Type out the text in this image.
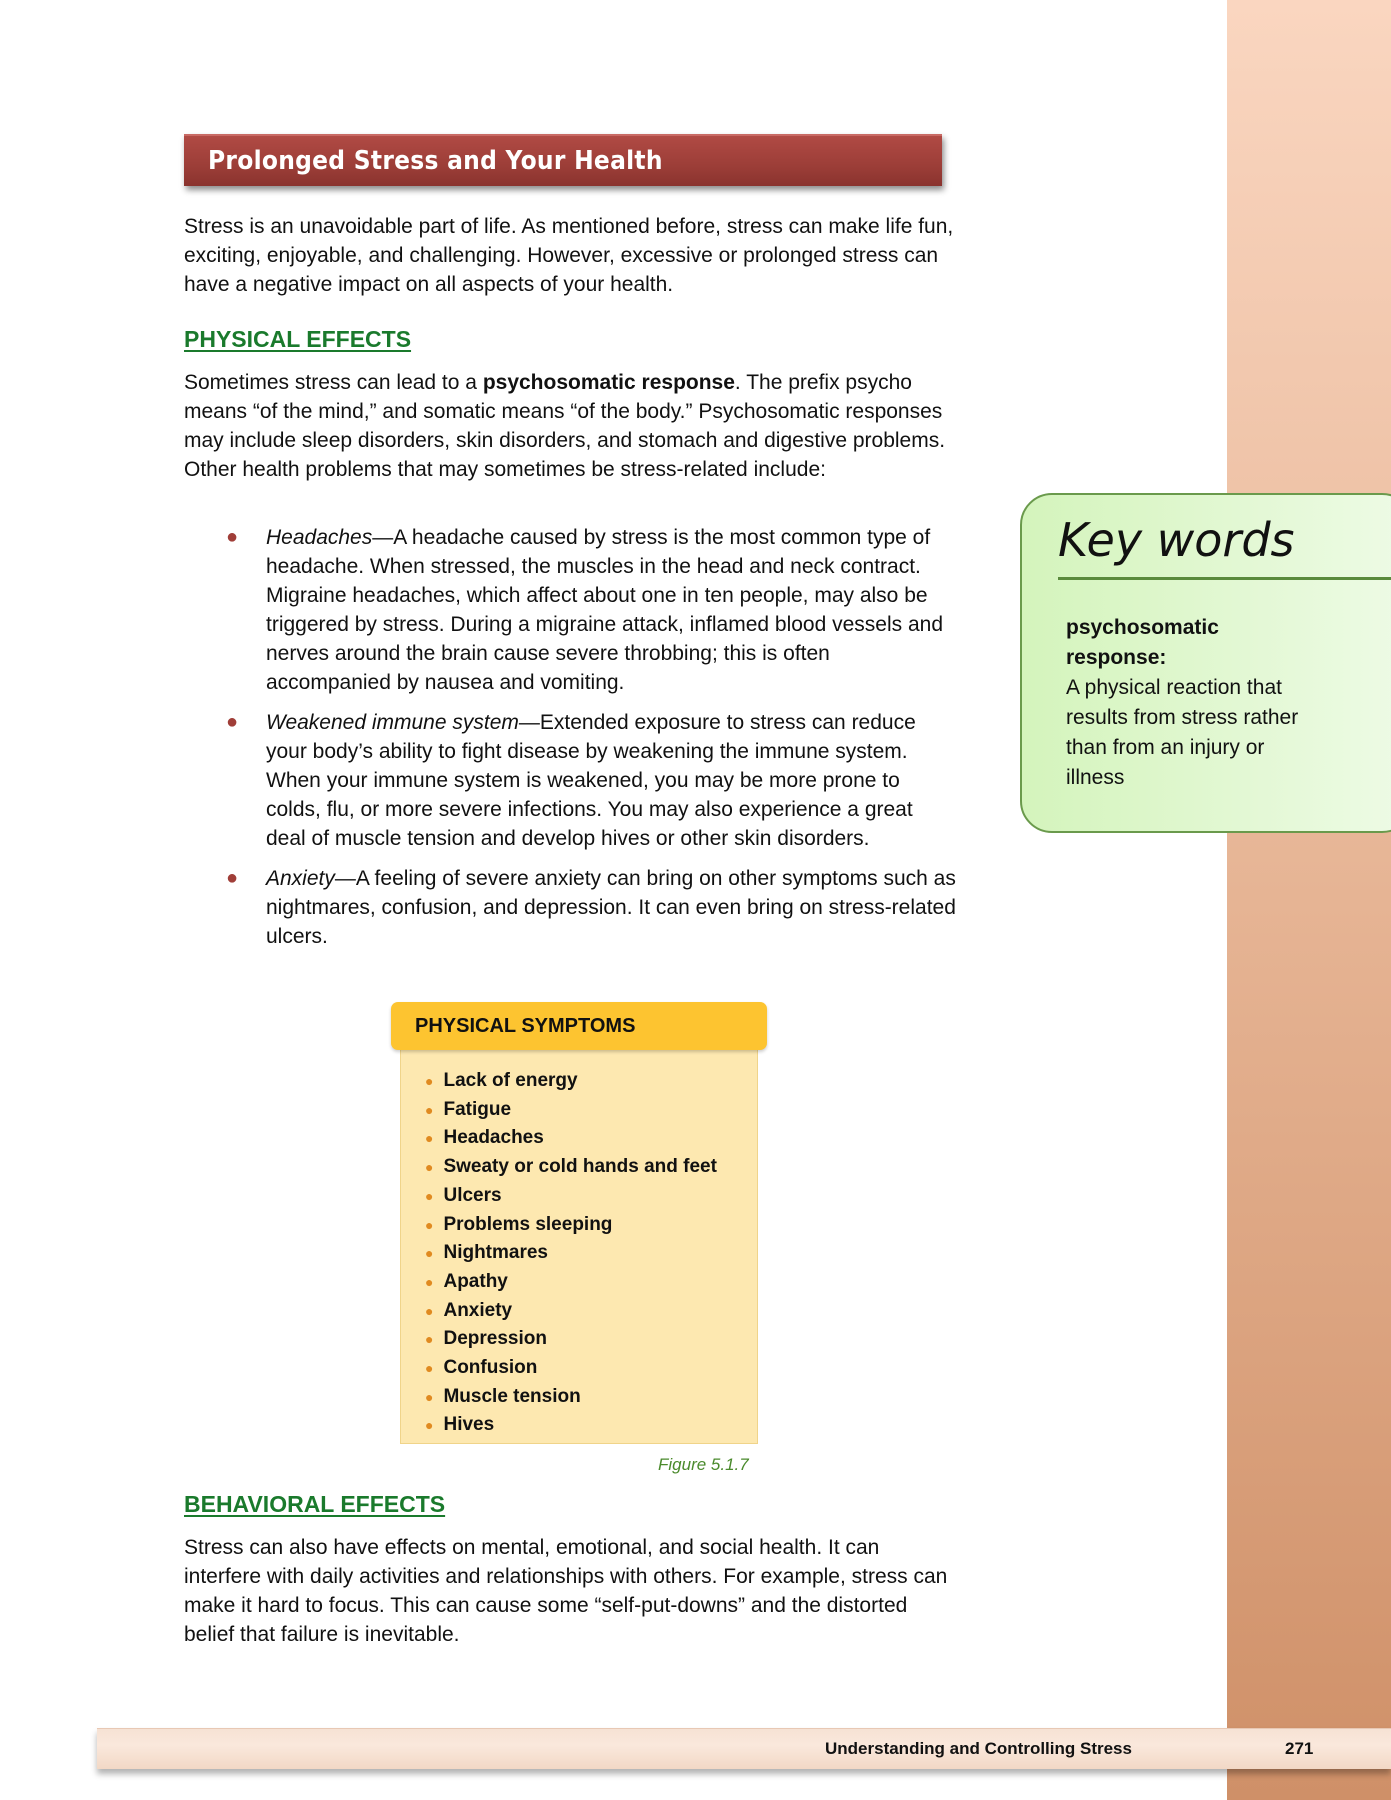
Prolonged Stress and Your Health
Stress is an unavoidable part of life. As mentioned before, stress can make life fun, exciting, enjoyable, and challenging. However, excessive or prolonged stress can have a negative impact on all aspects of your health.
PHYSICAL EFFECTS
Sometimes stress can lead to a psychosomatic response. The prefix psycho means “of the mind,” and somatic means “of the body.” Psychosomatic responses may include sleep disorders, skin disorders, and stomach and digestive problems. Other health problems that may sometimes be stress-related include:
● Headaches—A headache caused by stress is the most common type of headache. When stressed, the muscles in the head and neck contract. Migraine headaches, which affect about one in ten people, may also be triggered by stress. During a migraine attack, inflamed blood vessels and nerves around the brain cause severe throbbing; this is often accompanied by nausea and vomiting.
● Weakened immune system—Extended exposure to stress can reduce your body’s ability to fight disease by weakening the immune system. When your immune system is weakened, you may be more prone to colds, flu, or more severe infections. You may also experience a great deal of muscle tension and develop hives or other skin disorders.
● Anxiety—A feeling of severe anxiety can bring on other symptoms such as nightmares, confusion, and depression. It can even bring on stress-related ulcers.
● Lack of energy
● Fatigue
● Headaches
● Sweaty or cold hands and feet
● Ulcers
● Problems sleeping
● Nightmares
● Apathy
● Anxiety
● Depression
● Confusion
● Muscle tension
● Hives
PHYSICAL SYMPTOMS
Figure 5.1.7
BEHAVIORAL EFFECTS
Stress can also have effects on mental, emotional, and social health. It can interfere with daily activities and relationships with others. For example, stress can make it hard to focus. This can cause some “self-put-downs” and the distorted belief that failure is inevitable.
Key words
psychosomatic response:
A physical reaction that results from stress rather than from an injury or illness
Understanding and Controlling Stress	271
